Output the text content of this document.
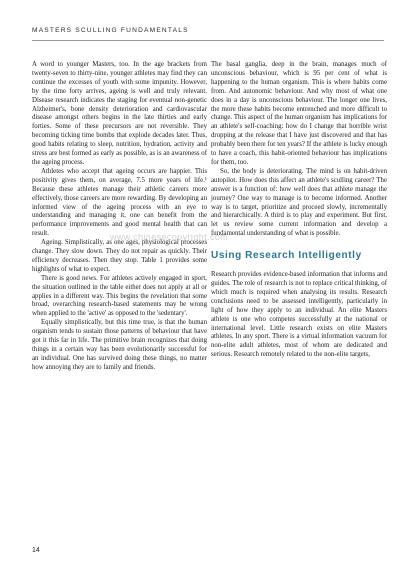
MASTERS SCULLING FUNDAMENTALS

A word to younger Masters, too. In the age brackets from twenty-seven to thirty-nine, younger athletes may find they can continue the excesses of youth with some impunity. However, by the time forty arrives, ageing is well and truly relevant. Disease research indicates the staging for eventual non-genetic Alzheimer's, bone density deterioration and cardiovascular disease amongst others begins in the late thirties and early forties. Some of these precursors are not reversible. They becoming ticking time bombs that explode decades later. Thus, good habits relating to sleep, nutrition, hydration, activity and stress are best formed as early as possible, as is an awareness of the ageing process.

Athletes who accept that ageing occurs are happier. This positivity gives them, on average, 7.5 more years of life.¹ Because these athletes manage their athletic careers more effectively, those careers are more rewarding. By developing an informed view of the ageing process with an eye to understanding and managing it, one can benefit from the performance improvements and good mental health that can result.

Ageing. Simplistically, as one ages, physiological processes change. They slow down. They do not repair as quickly. Their efficiency decreases. Then they stop. Table 1 provides some highlights of what to expect.

There is good news. For athletes actively engaged in sport, the situation outlined in the table either does not apply at all or applies in a different way. This begins the revelation that some broad, overarching research-based statements may be wrong when applied to the 'active' as opposed to the 'sedentary'.

Equally simplistically, but this time true, is that the human organism tends to sustain those patterns of behaviour that have got it this far in life. The primitive brain recognizes that doing things in a certain way has been evolutionarily successful for an individual. One has survived doing these things, no matter how annoying they are to family and friends.

The basal ganglia, deep in the brain, manages much of unconscious behaviour, which is 95 per cent of what is happening to the human organism. This is where habits come from. And autonomic behaviour. And why most of what one does in a day is unconscious behaviour. The longer one lives, the more these habits become entrenched and more difficult to change. This aspect of the human organism has implications for an athlete's self-coaching: how do I change that horrible wrist dropping at the release that I have just discovered and that has probably been there for ten years? If the athlete is lucky enough to have a coach, this habit-oriented behaviour has implications for them, too.

So, the body is deteriorating. The mind is on habit-driven autopilot. How does this affect an athlete's sculling career? The answer is a function of: how well does that athlete manage the journey? One way to manage is to become informed. Another way is to target, prioritize and proceed slowly, incrementally and hierarchically. A third is to play and experiment. But first, let us review some current information and develop a fundamental understanding of what is possible.

Using Research Intelligently

Research provides evidence-based information that informs and guides. The role of research is not to replace critical thinking, of which much is required when analysing its results. Research conclusions need to be assessed intelligently, particularly in light of how they apply to an individual. An elite Masters athlete is one who competes successfully at the national or international level. Little research exists on elite Masters athletes. In any sport. There is a virtual information vacuum for non-elite adult athletes, most of whom are dedicated and serious. Research remotely related to the non-elite targets,

www.chinesecopyright.com
14
